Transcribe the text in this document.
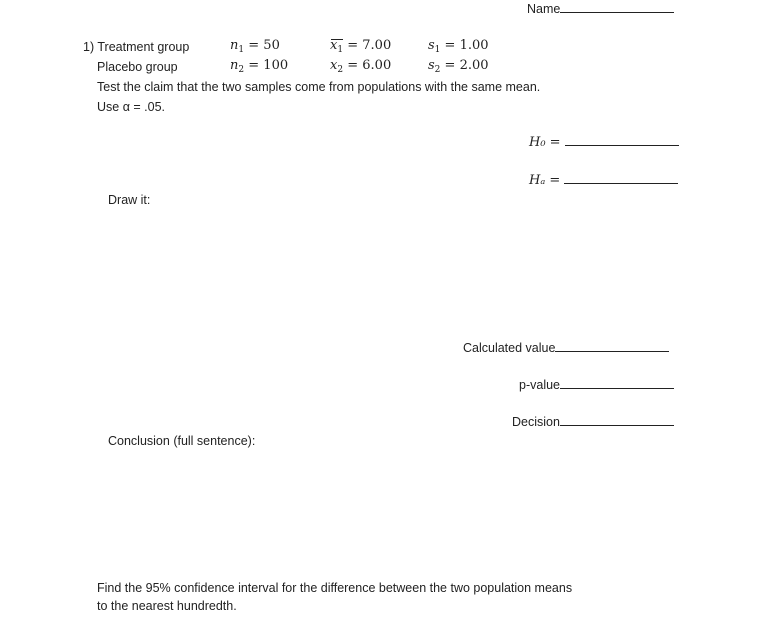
Name
1) Treatment group
Placebo group
$n_1 = 50$
$n_2 = 100$
$x_1 = 7.00$
$x_2 = 6.00$
$s_1 = 1.00$
$s_2 = 2.00$
Test the claim that the two samples come from populations with the same mean.
Use α = .05.
H₀ =
Hₐ =
Draw it:
Calculated value
p-value
Decision
Conclusion (full sentence):
Find the 95% confidence interval for the difference between the two population means
to the nearest hundredth.
